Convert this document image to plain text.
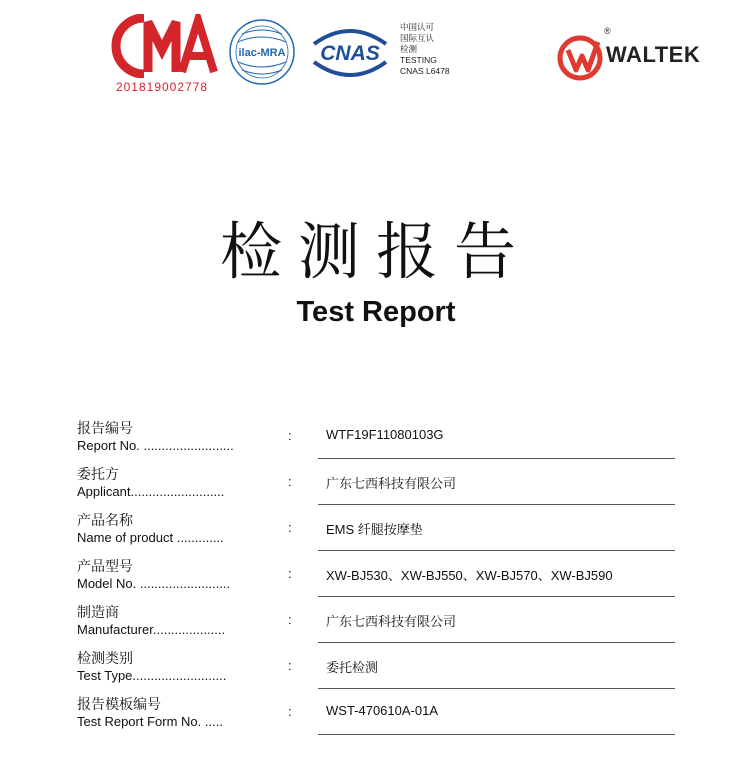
201819002778
ilac-MRA CNAS
中国认可
国际互认
检测
TESTING
CNAS L6478
WALTEK
®
检测报告
Test Report
报告编号
Report No. .........................
:	WTF19F11080103G
委托方
Applicant..........................
:	广东七西科技有限公司
产品名称
Name of product .............
:	EMS 纤腿按摩垫
产品型号
Model No. .........................
:	XW-BJ530、XW-BJ550、XW-BJ570、XW-BJ590
制造商
Manufacturer....................
:	广东七西科技有限公司
检测类别
Test Type..........................
:	委托检测
报告模板编号
Test Report Form No. .....
:	WST-470610A-01A
